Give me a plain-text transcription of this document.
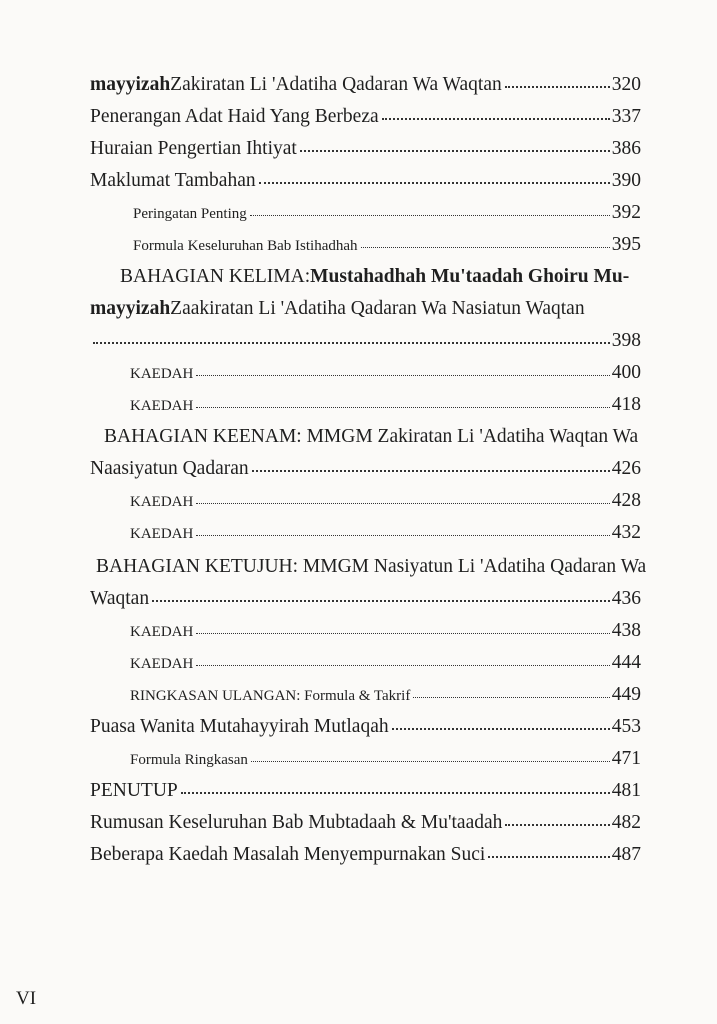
mayyizah Zakiratan Li 'Adatiha Qadaran Wa Waqtan	320
Penerangan Adat Haid Yang Berbeza	337
Huraian Pengertian Ihtiyat	386
Maklumat Tambahan	390
Peringatan Penting	392
Formula Keseluruhan Bab Istihadhah	395
BAHAGIAN KELIMA: Mustahadhah Mu'taadah Ghoiru Mu-
mayyizah Zaakiratan Li 'Adatiha Qadaran Wa Nasiatun Waqtan
398
KAEDAH	400
KAEDAH	418
BAHAGIAN KEENAM: MMGM Zakiratan Li 'Adatiha Waqtan Wa
Naasiyatun Qadaran	426
KAEDAH	428
KAEDAH	432
BAHAGIAN KETUJUH: MMGM Nasiyatun Li 'Adatiha Qadaran Wa
Waqtan	436
KAEDAH	438
KAEDAH	444
RINGKASAN ULANGAN: Formula & Takrif	449
Puasa Wanita Mutahayyirah Mutlaqah	453
Formula Ringkasan	471
PENUTUP	481
Rumusan Keseluruhan Bab Mubtadaah & Mu'taadah	482
Beberapa Kaedah Masalah Menyempurnakan Suci	487
VI
